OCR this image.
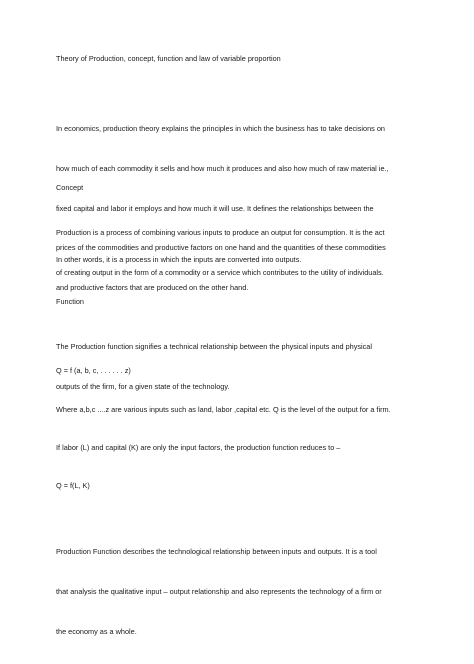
Theory of Production, concept, function and law of variable proportion

In economics, production theory explains the principles in which the business has to take decisions on

how much of each commodity it sells and how much it produces and also how much of raw material ie.,

fixed capital and labor it employs and how much it will use. It defines the relationships between the

prices of the commodities and productive factors on one hand and the quantities of these commodities

and productive factors that are produced on the other hand.

Concept

Production is a process of combining various inputs to produce an output for consumption. It is the act

of creating output in the form of a commodity or a service which contributes to the utility of individuals.

In other words, it is a process in which the inputs are converted into outputs.

Function

The Production function signifies a technical relationship between the physical inputs and physical

outputs of the firm, for a given state of the technology.

Q = f (a, b, c, . . . . . . z)

Where a,b,c ....z are various inputs such as land, labor ,capital etc. Q is the level of the output for a firm.

If labor (L) and capital (K) are only the input factors, the production function reduces to –

Q = f(L, K)

Production Function describes the technological relationship between inputs and outputs. It is a tool

that analysis the qualitative input – output relationship and also represents the technology of a firm or

the economy as a whole.
